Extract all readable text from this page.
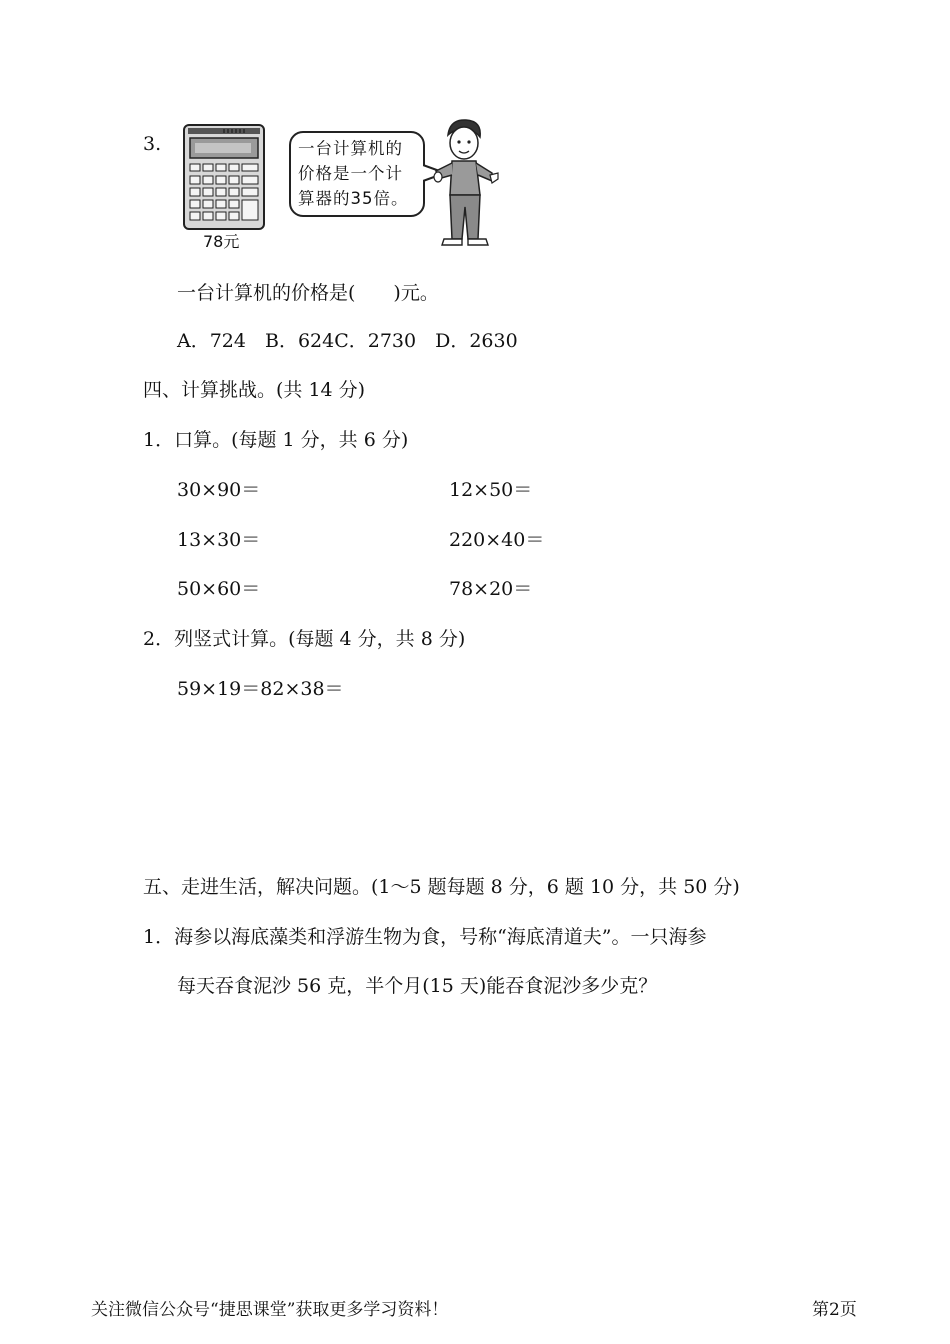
3.
78元
一台计算机的
价格是一个计
算器的35倍。
一台计算机的价格是(　　)元。
A．724　B．624C．2730　D．2630
四、计算挑战。(共 14 分)
1．口算。(每题 1 分，共 6 分)
30×90＝	12×50＝
13×30＝	220×40＝
50×60＝	78×20＝
2．列竖式计算。(每题 4 分，共 8 分)
59×19＝82×38＝
五、走进生活，解决问题。(1～5 题每题 8 分，6 题 10 分，共 50 分)
1．海参以海底藻类和浮游生物为食，号称“海底清道夫”。一只海参
每天吞食泥沙 56 克，半个月(15 天)能吞食泥沙多少克？
关注微信公众号“捷思课堂”获取更多学习资料！	第2页
